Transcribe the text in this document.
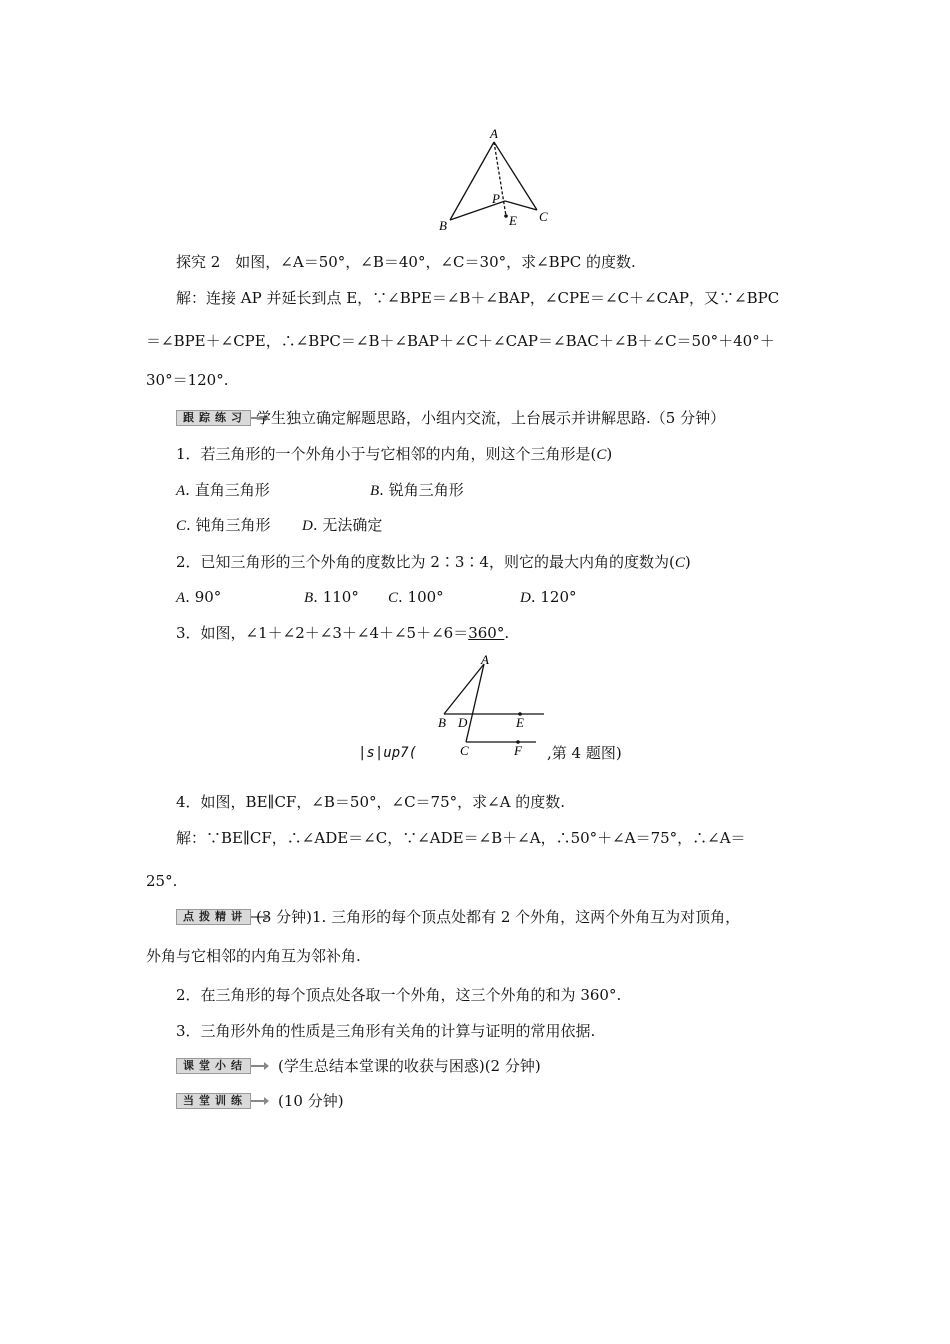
A
B
C
P
E
探究 2　如图，∠A＝50°，∠B＝40°，∠C＝30°，求∠BPC 的度数.
解：连接 AP 并延长到点 E，∵∠BPE＝∠B＋∠BAP，∠CPE＝∠C＋∠CAP，又∵∠BPC
＝∠BPE＋∠CPE，∴∠BPC＝∠B＋∠BAP＋∠C＋∠CAP＝∠BAC＋∠B＋∠C＝50°＋40°＋
30°＝120°.
跟踪练习 学生独立确定解题思路，小组内交流，上台展示并讲解思路.（5 分钟）
1．若三角形的一个外角小于与它相邻的内角，则这个三角形是(C)
A. 直角三角形	B. 锐角三角形
C. 钝角三角形 D. 无法确定
2．已知三角形的三个外角的度数比为 2∶3∶4，则它的最大内角的度数为(C)
A. 90°	B. 110° C. 100°	D. 120°
3．如图，∠1＋∠2＋∠3＋∠4＋∠5＋∠6＝360°.
A
B D	E
C	F
|s|up7(	,第 4 题图)
4．如图，BE∥CF，∠B＝50°，∠C＝75°，求∠A 的度数.
解：∵BE∥CF，∴∠ADE＝∠C，∵∠ADE＝∠B＋∠A，∴50°＋∠A＝75°，∴∠A＝
25°.
点拨精讲 (3 分钟)1. 三角形的每个顶点处都有 2 个外角，这两个外角互为对顶角，
外角与它相邻的内角互为邻补角.
2．在三角形的每个顶点处各取一个外角，这三个外角的和为 360°.
3．三角形外角的性质是三角形有关角的计算与证明的常用依据.
课堂小结 (学生总结本堂课的收获与困惑)(2 分钟)
当堂训练 (10 分钟)
